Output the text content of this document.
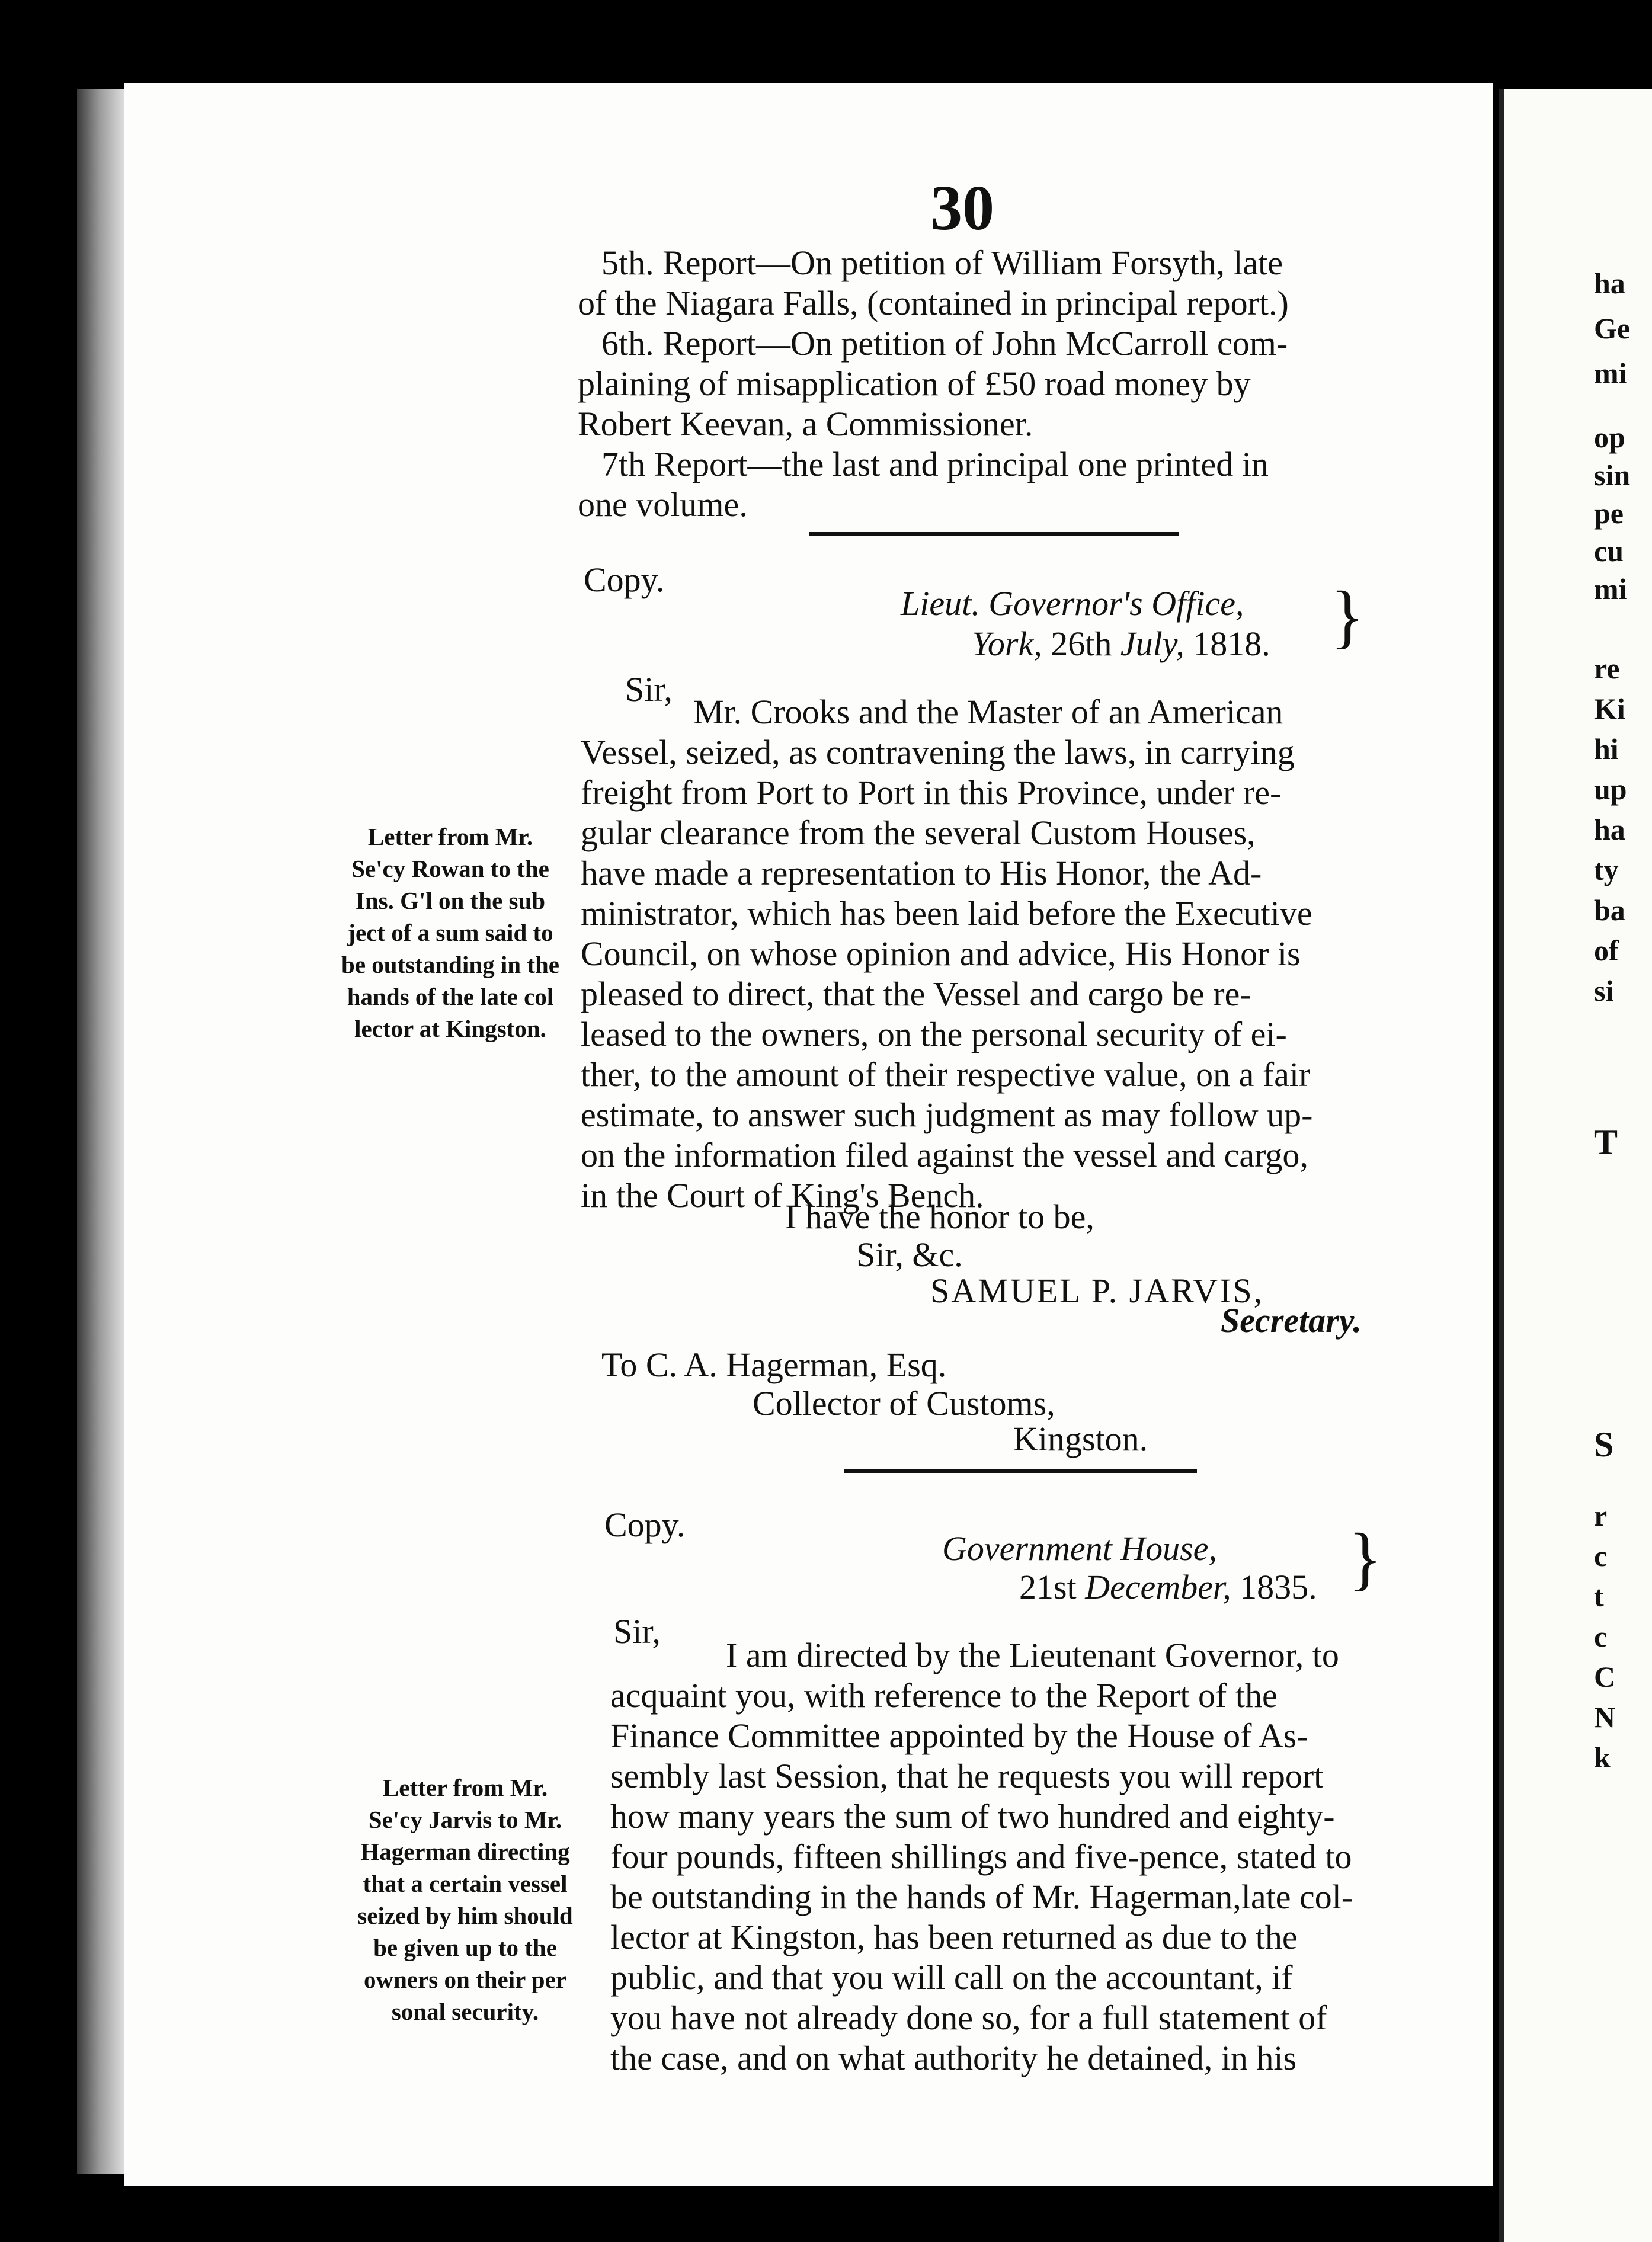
30
5th. Report—On petition of William Forsyth, late
of the Niagara Falls, (contained in principal report.)
6th. Report—On petition of John McCarroll com-
plaining of misapplication of £50 road money by
Robert Keevan, a Commissioner.
7th Report—the last and principal one printed in
one volume.
Copy.
Lieut. Governor's Office,
York, 26th July, 1818. }
Sir,
Mr. Crooks and the Master of an American
Vessel, seized, as contravening the laws, in carrying
freight from Port to Port in this Province, under re-
gular clearance from the several Custom Houses,
have made a representation to His Honor, the Ad-
ministrator, which has been laid before the Executive
Council, on whose opinion and advice, His Honor is
pleased to direct, that the Vessel and cargo be re-
leased to the owners, on the personal security of ei-
ther, to the amount of their respective value, on a fair
estimate, to answer such judgment as may follow up-
on the information filed against the vessel and cargo,
in the Court of King's Bench.
I have the honor to be,
Sir, &c.
SAMUEL P. JARVIS,
Secretary.
To C. A. Hagerman, Esq.
Collector of Customs,
Kingston.
Copy.
Government House,
21st December, 1835. }
Sir,
I am directed by the Lieutenant Governor, to
acquaint you, with reference to the Report of the
Finance Committee appointed by the House of As-
sembly last Session, that he requests you will report
how many years the sum of two hundred and eighty-
four pounds, fifteen shillings and five-pence, stated to
be outstanding in the hands of Mr. Hagerman,late col-
lector at Kingston, has been returned as due to the
public, and that you will call on the accountant, if
you have not already done so, for a full statement of
the case, and on what authority he detained, in his
Letter from Mr.
Se'cy Rowan to the
Ins. G'l on the sub
ject of a sum said to
be outstanding in the
hands of the late col
lector at Kingston.
Letter from Mr.
Se'cy Jarvis to Mr.
Hagerman directing
that a certain vessel
seized by him should
be given up to the
owners on their per
sonal security.
ha
Ge
mi
op
sin
pe
cu
mi
re
Ki
hi
up
ha
ty
ba
of
si
T
S
r
c
t
c
C
N
k
